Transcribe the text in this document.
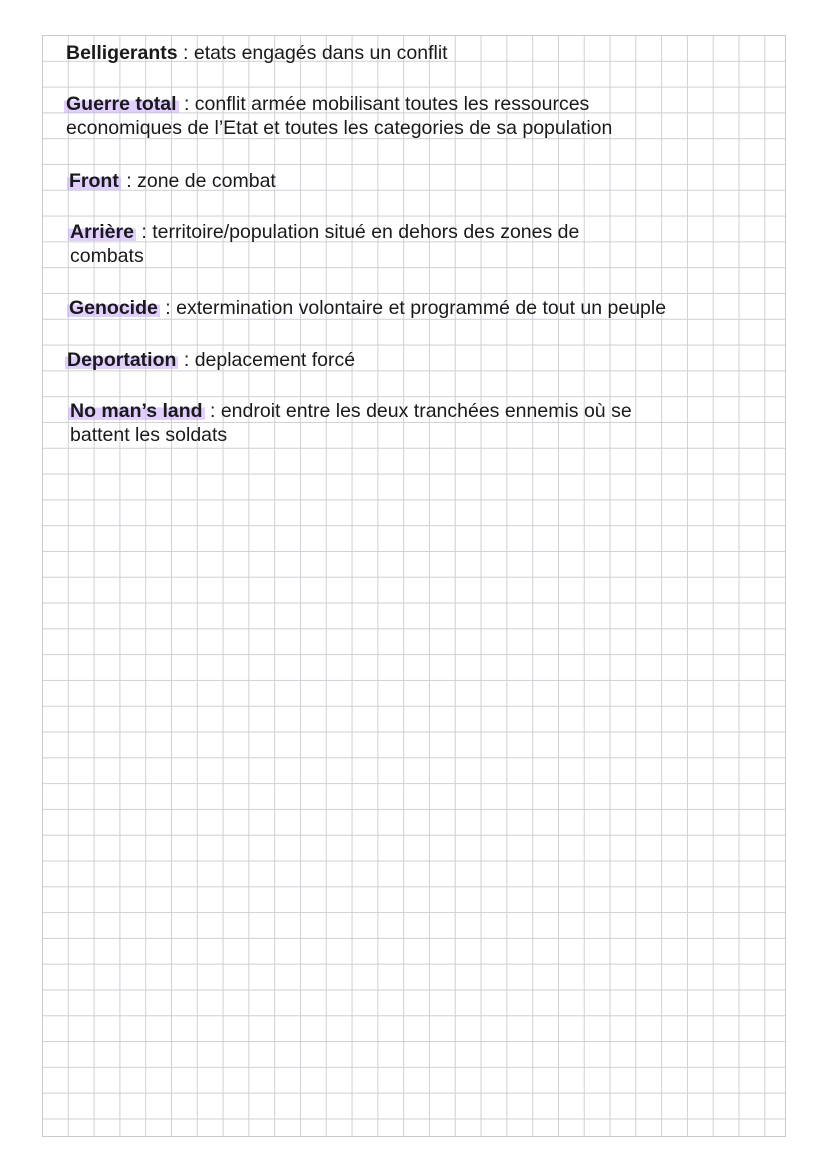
Belligerants : etats engagés dans un conflit

Guerre total : conflit armée mobilisant toutes les ressources
economiques de l’Etat et toutes les categories de sa population

Front : zone de combat

Arrière : territoire/population situé en dehors des zones de
combats

Genocide : extermination volontaire et programmé de tout un peuple

Deportation : deplacement forcé

No man’s land : endroit entre les deux tranchées ennemis où se
battent les soldats
